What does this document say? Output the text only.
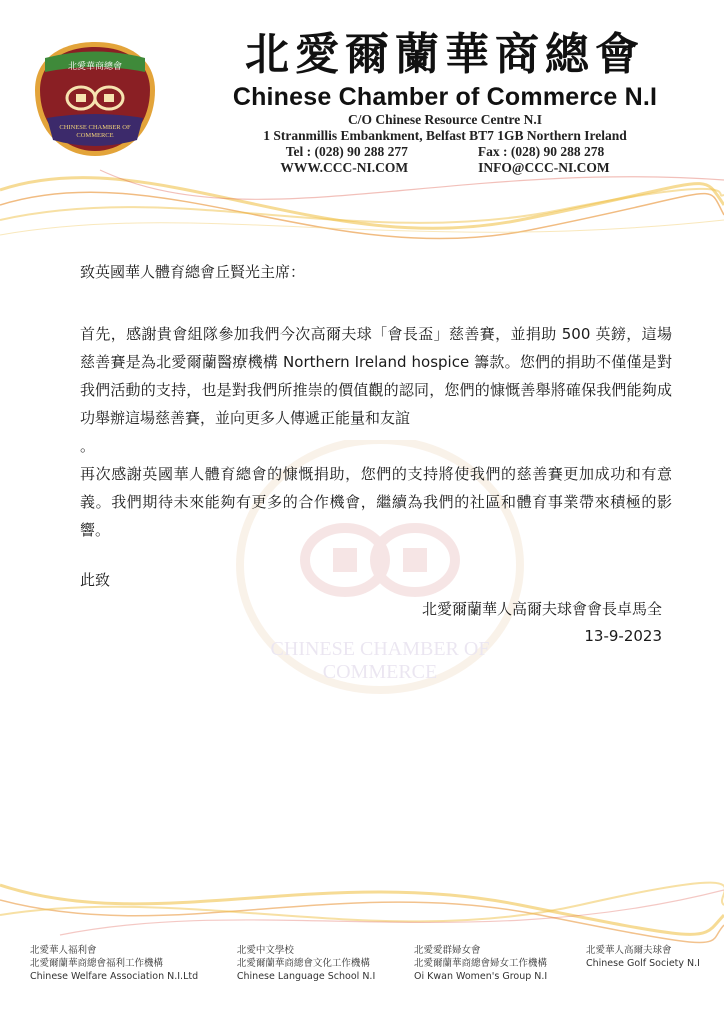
北愛華商總會
CHINESE CHAMBER OF
COMMERCE

北愛爾蘭華商總會

Chinese Chamber of Commerce N.I

C/O Chinese Resource Centre N.I

1 Stranmillis Embankment, Belfast BT7 1GB Northern Ireland

Tel : (028) 90 288 277	Fax : (028) 90 288 278
WWW.CCC-NI.COM	INFO@CCC-NI.COM
CHINESE CHAMBER OF
COMMERCE

致英國華人體育總會丘賢光主席：

首先，感謝貴會組隊參加我們今次高爾夫球「會長盃」慈善賽，並捐助 500 英鎊，這場慈善賽是為北愛爾蘭醫療機構 Northern Ireland hospice 籌款。您們的捐助不僅僅是對我們活動的支持，也是對我們所推崇的價值觀的認同，您們的慷慨善舉將確保我們能夠成功舉辦這場慈善賽，並向更多人傳遞正能量和友誼
。

再次感謝英國華人體育總會的慷慨捐助，您們的支持將使我們的慈善賽更加成功和有意義。我們期待未來能夠有更多的合作機會，繼續為我們的社區和體育事業帶來積極的影響。

此致

北愛爾蘭華人高爾夫球會會長卓馬全
13-9-2023
北愛華人福利會
北愛爾蘭華商總會福利工作機構
Chinese Welfare Association N.I.Ltd
北愛中文學校
北愛爾蘭華商總會文化工作機構
Chinese Language School N.I
北愛愛群婦女會
北愛爾蘭華商總會婦女工作機構
Oi Kwan Women's Group N.I
北愛華人高爾夫球會
Chinese Golf Society N.I
